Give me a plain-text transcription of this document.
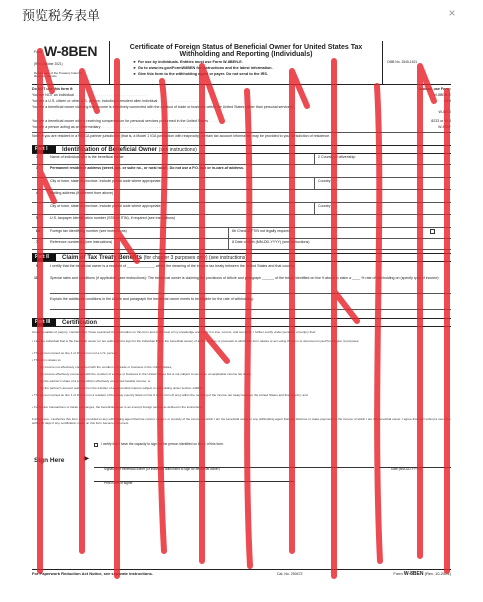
预览税务表单	×
Form W-8BEN
(Rev. October 2021)
Department of the Treasury Internal Revenue Service
Certificate of Foreign Status of Beneficial Owner for United States Tax Withholding and Reporting (Individuals)
► For use by individuals. Entities must use Form W-8BEN-E.
► Go to www.irs.gov/FormW8BEN for instructions and the latest information.
► Give this form to the withholding agent or payer. Do not send to the IRS.
OMB No. 1545-1621
Do NOT use this form if:	Instead, use Form:
You are NOT an individual . . . . . . . . . . . . . . . . . . . . . . . . . . . . . . . . . . . . .	W-8BEN-E
You are a U.S. citizen or other U.S. person, including a resident alien individual . . . . . . . . . . . . . . . . . . . . . .	W-9
You are a beneficial owner claiming that income is effectively connected with the conduct of trade or business within the United States (other than personal services)
W-8ECI
You are a beneficial owner who is receiving compensation for personal services performed in the United States . . . . . . . . . . .	8233 or W-4
You are a person acting as an intermediary . . . . . . . . . . . . . . . . . . . . . . . . . . . . . . . . . . . . . . . . . . . . . . . . . .	W-8IMY
Note: If you are resident in a FATCA partner jurisdiction (that is, a Model 1 IGA jurisdiction with reciprocity), certain tax account information may be provided to your jurisdiction of residence.
Part I	Identification of Beneficial Owner (see instructions)
1	Name of individual who is the beneficial owner	2 Country of citizenship
3	Permanent residence address (street, apt. or suite no., or rural route). Do not use a P.O. box or in-care-of address.
City or town, state or province. Include postal code where appropriate.	Country
4	Mailing address (if different from above)
City or town, state or province. Include postal code where appropriate.	Country
5	U.S. taxpayer identification number (SSN or ITIN), if required (see instructions)
6a	Foreign tax identifying number (see instructions)	6b Check if FTIN not legally required
7	Reference number(s) (see instructions)	8 Date of birth (MM-DD-YYYY) (see instructions)
Part II	Claim of Tax Treaty Benefits (for chapter 3 purposes only) (see instructions)
9	I certify that the beneficial owner is a resident of ______________ within the meaning of the income tax treaty between the United States and that country.
10	Special rates and conditions (if applicable—see instructions): The beneficial owner is claiming the provisions of Article and paragraph ______ of the treaty identified on line 9 above to claim a ____ % rate of withholding on (specify type of income):
Explain the additional conditions in the Article and paragraph the beneficial owner meets to be eligible for the rate of withholding:
Part III	Certification
Under penalties of perjury, I declare that I have examined the information on this form and to the best of my knowledge and belief it is true, correct, and complete. I further certify under penalties of perjury that:
• I am the individual that is the beneficial owner (or am authorized to sign for the individual that is the beneficial owner) of all the income or proceeds to which this form relates or am using this form to document myself for chapter 4 purposes;
• The person named on line 1 of this form is not a U.S. person;
• This form relates to:
(a) income not effectively connected with the conduct of a trade or business in the United States;
(b) income effectively connected with the conduct of a trade or business in the United States but is not subject to tax under an applicable income tax treaty;
(c) the partner's share of a partnership's effectively connected taxable income; or
(d) the partner's amount realized from the transfer of a partnership interest subject to withholding under section 1446(f);
• The person named on line 1 of this form is a resident of the treaty country listed on line 9 of the form (if any) within the meaning of the income tax treaty between the United States and that country; and
• For broker transactions or barter exchanges, the beneficial owner is an exempt foreign person as defined in the instructions.
Furthermore, I authorize this form to be provided to any withholding agent that has control, receipt, or custody of the income of which I am the beneficial owner or any withholding agent that can disburse or make payments of the income of which I am the beneficial owner. I agree that I will submit a new form within 30 days if any certification made on this form becomes incorrect.
Sign Here ►
I certify that I have the capacity to sign for the person identified on line 1 of this form.
Signature of beneficial owner (or individual authorized to sign for beneficial owner)	Date (MM-DD-YYYY)
Print name of signer
For Paperwork Reduction Act Notice, see separate instructions.	Cat. No. 25047Z	Form W-8BEN (Rev. 10-2021)
